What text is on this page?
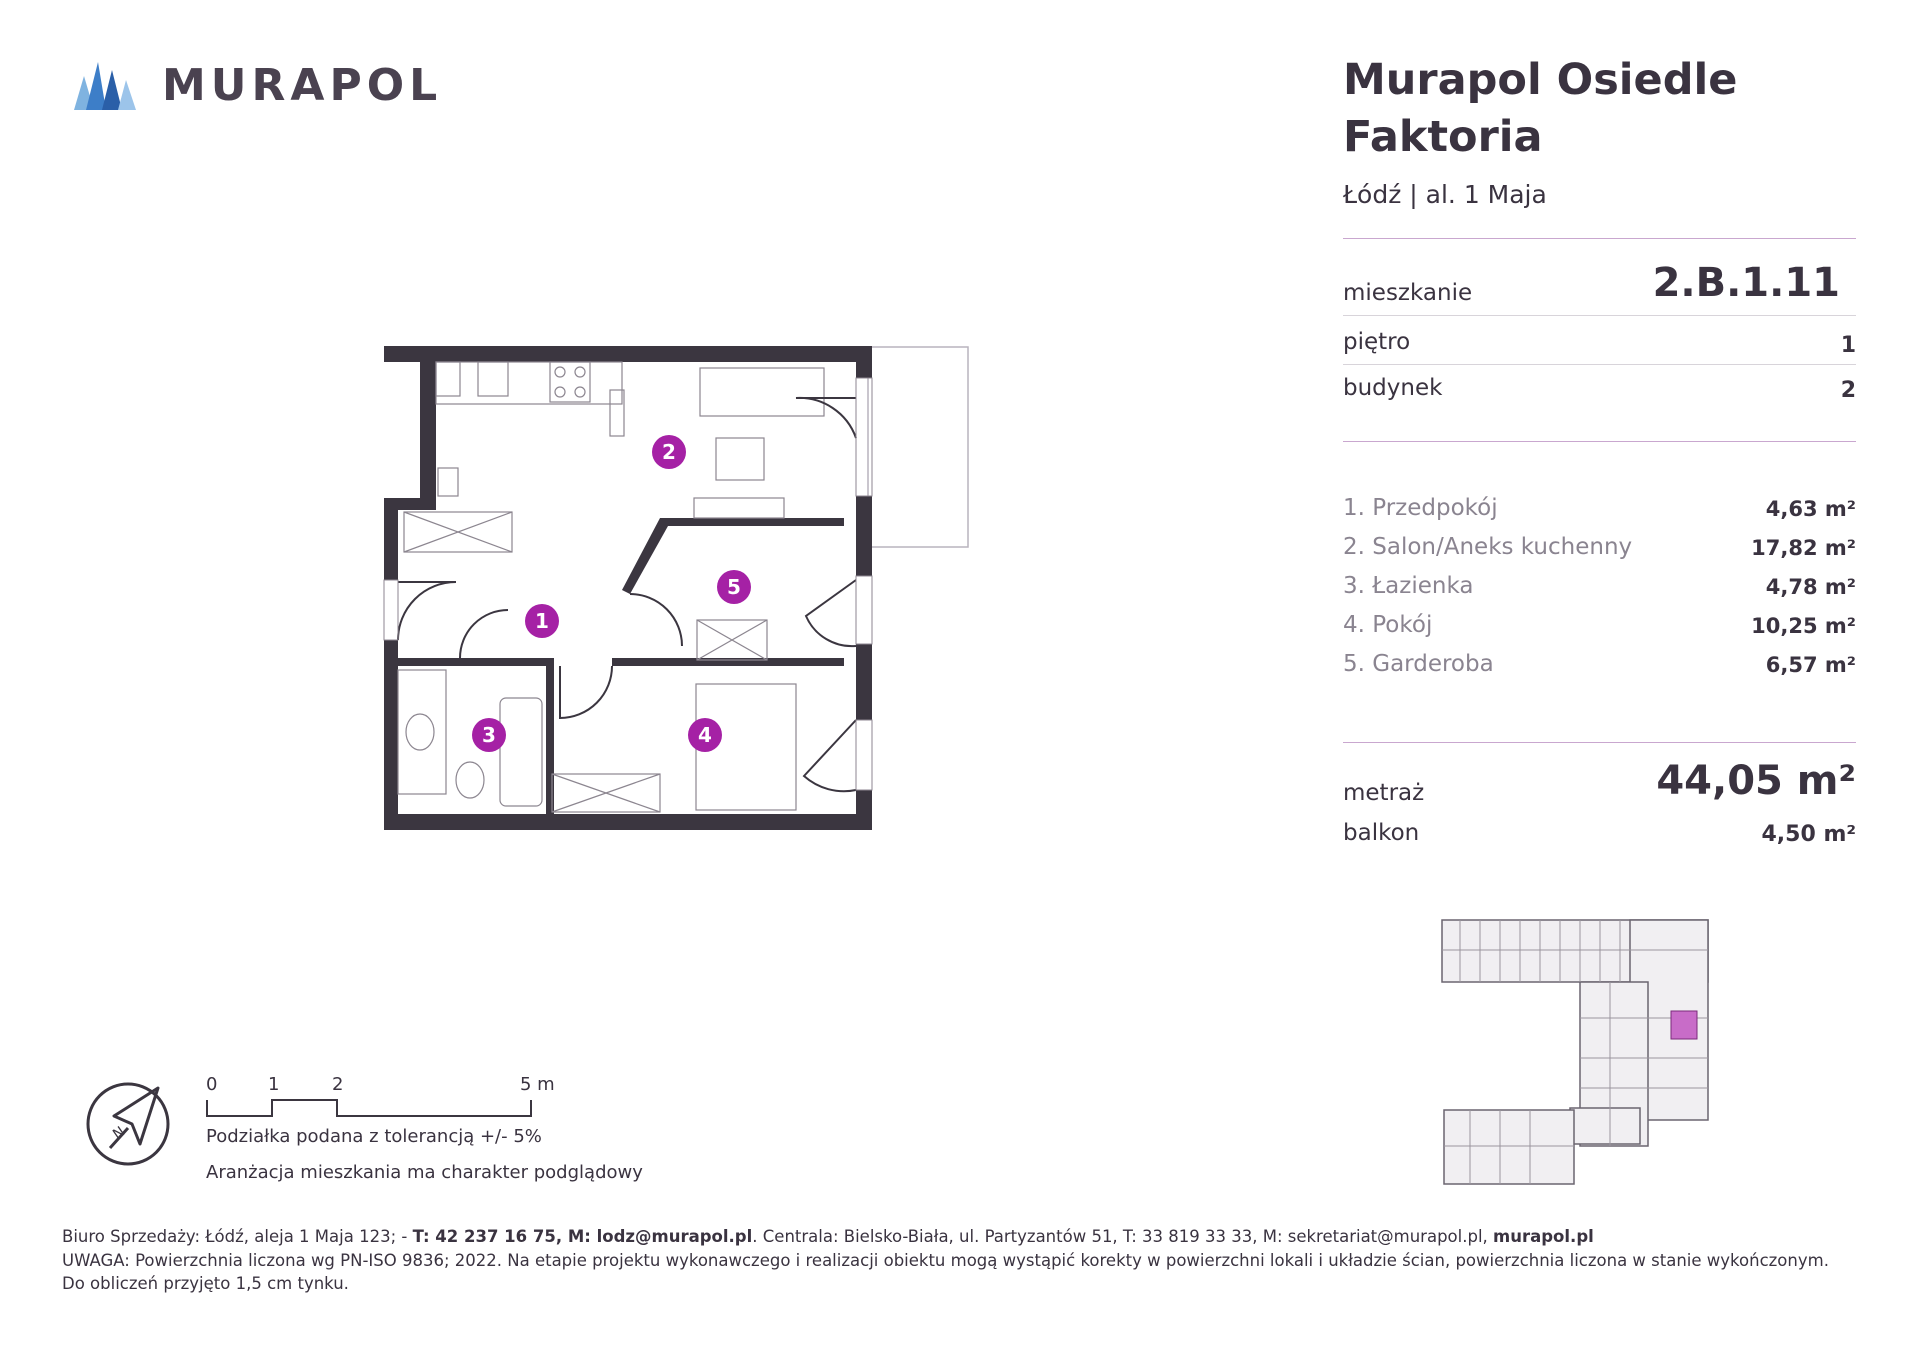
MURAPOL	Murapol Osiedle
Faktoria
Łódź | al. 1 Maja
mieszkanie	2.B.1.11
piętro	1
budynek	2
1. Przedpokój	4,63 m²
2. Salon/Aneks kuchenny	17,82 m²
3. Łazienka	4,78 m²
4. Pokój	10,25 m²
5. Garderoba	6,57 m²
metraż	44,05 m²
balkon	4,50 m²
1
2
3	4
5
N
0	1	2	5 m
Podziałka podana z tolerancją +/- 5%
Aranżacja mieszkania ma charakter podglądowy
Biuro Sprzedaży: Łódź, aleja 1 Maja 123; - T: 42 237 16 75, M: lodz@murapol.pl. Centrala: Bielsko-Biała, ul. Partyzantów 51, T: 33 819 33 33, M: sekretariat@murapol.pl, murapol.pl
UWAGA: Powierzchnia liczona wg PN-ISO 9836; 2022. Na etapie projektu wykonawczego i realizacji obiektu mogą wystąpić korekty w powierzchni lokali i układzie ścian, powierzchnia liczona w stanie wykończonym.
Do obliczeń przyjęto 1,5 cm tynku.
